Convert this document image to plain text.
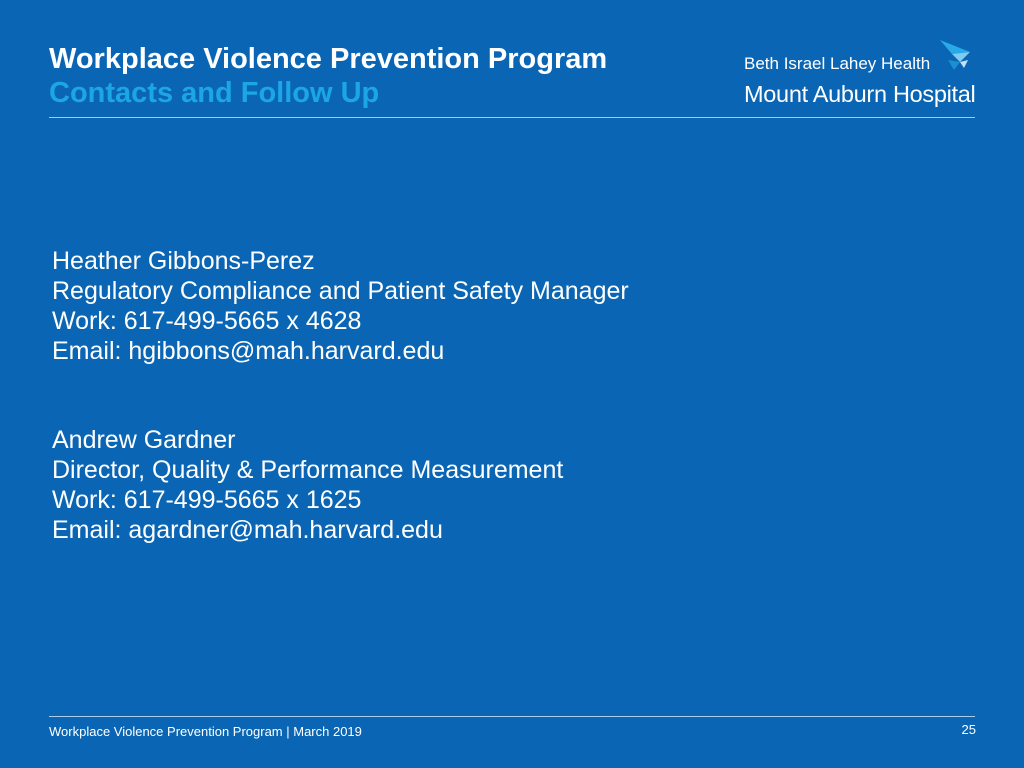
Workplace Violence Prevention Program
Contacts and Follow Up
Beth Israel Lahey Health
Mount Auburn Hospital
Heather Gibbons-Perez
Regulatory Compliance and Patient Safety Manager
Work: 617-499-5665 x 4628
Email: hgibbons@mah.harvard.edu
Andrew Gardner
Director, Quality & Performance Measurement
Work: 617-499-5665 x 1625
Email: agardner@mah.harvard.edu
Workplace Violence Prevention Program | March 2019	25
